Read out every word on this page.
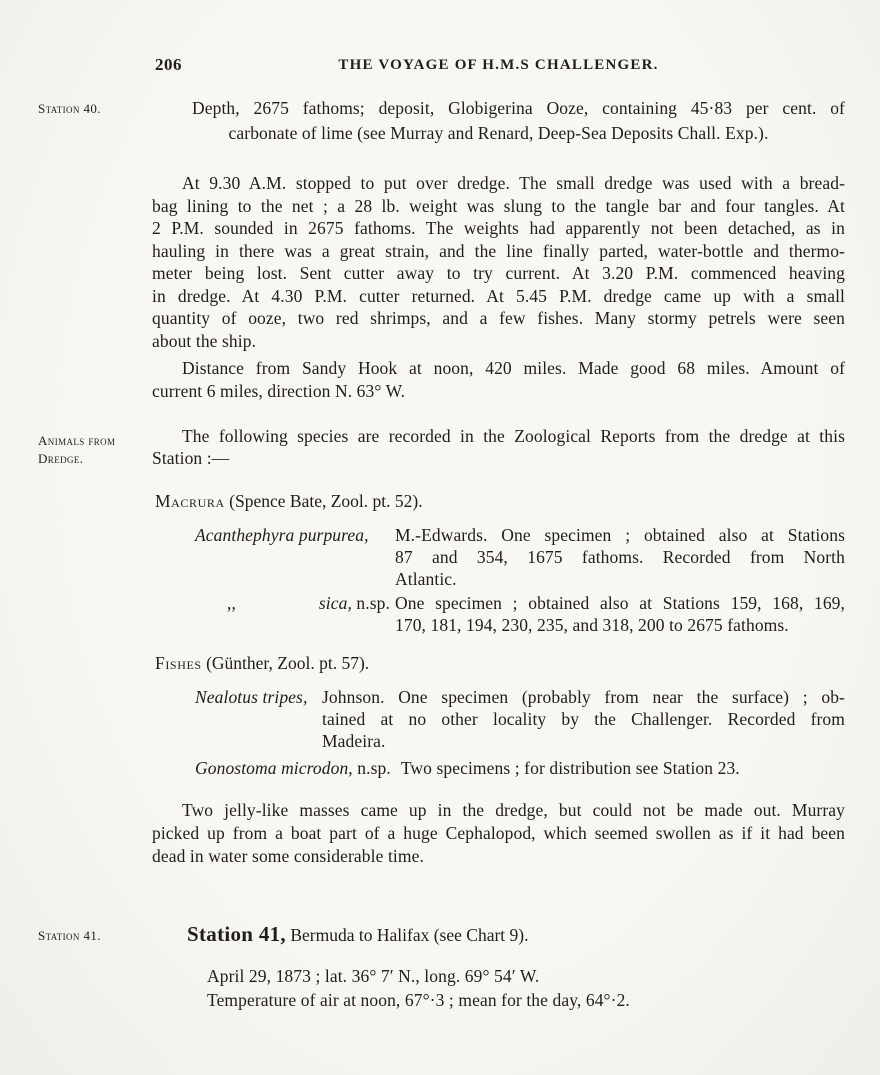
206	THE VOYAGE OF H.M.S CHALLENGER.
Station 40.
Animals from
Dredge.
Station 41.
Depth, 2675 fathoms; deposit, Globigerina Ooze, containing 45·83 per cent. of
carbonate of lime (see Murray and Renard, Deep-Sea Deposits Chall. Exp.).
At 9.30 A.M. stopped to put over dredge. The small dredge was used with a bread-
bag lining to the net ; a 28 lb. weight was slung to the tangle bar and four tangles. At
2 P.M. sounded in 2675 fathoms. The weights had apparently not been detached, as in
hauling in there was a great strain, and the line finally parted, water-bottle and thermo-
meter being lost. Sent cutter away to try current. At 3.20 P.M. commenced heaving
in dredge. At 4.30 P.M. cutter returned. At 5.45 P.M. dredge came up with a small
quantity of ooze, two red shrimps, and a few fishes. Many stormy petrels were seen
about the ship.
Distance from Sandy Hook at noon, 420 miles. Made good 68 miles. Amount of
current 6 miles, direction N. 63° W.
The following species are recorded in the Zoological Reports from the dredge at this
Station :—
Macrura (Spence Bate, Zool. pt. 52).
Acanthephyra purpurea,	M.-Edwards. One specimen ; obtained also at Stations
87 and 354, 1675 fathoms. Recorded from North
Atlantic.
,,	sica, n.sp. One specimen ; obtained also at Stations 159, 168, 169,
170, 181, 194, 230, 235, and 318, 200 to 2675 fathoms.
Fishes (Günther, Zool. pt. 57).
Nealotus tripes, Johnson. One specimen (probably from near the surface) ; ob-
tained at no other locality by the Challenger. Recorded from
Madeira.
Gonostoma microdon, n.sp. Two specimens ; for distribution see Station 23.
Two jelly-like masses came up in the dredge, but could not be made out. Murray
picked up from a boat part of a huge Cephalopod, which seemed swollen as if it had been
dead in water some considerable time.
Station 41, Bermuda to Halifax (see Chart 9).
April 29, 1873 ; lat. 36° 7′ N., long. 69° 54′ W.
Temperature of air at noon, 67°·3 ; mean for the day, 64°·2.
